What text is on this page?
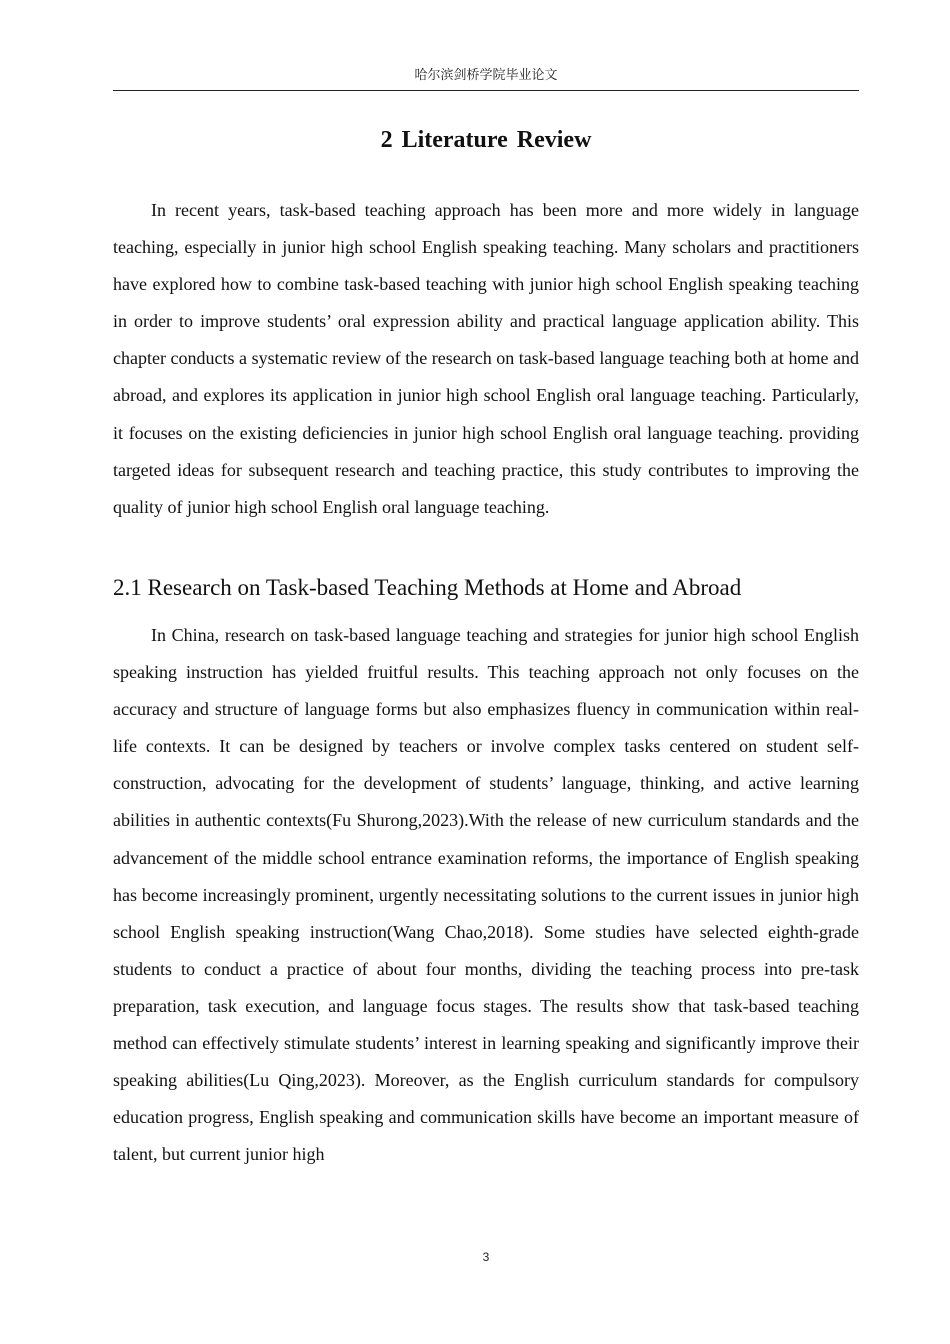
哈尔滨剑桥学院毕业论文
2 Literature Review

In recent years, task-based teaching approach has been more and more widely in language teaching, especially in junior high school English speaking teaching. Many scholars and practitioners have explored how to combine task-based teaching with junior high school English speaking teaching in order to improve students’ oral expression ability and practical language application ability. This chapter conducts a systematic review of the research on task-based language teaching both at home and abroad, and explores its application in junior high school English oral language teaching. Particularly, it focuses on the existing deficiencies in junior high school English oral language teaching. providing targeted ideas for subsequent research and teaching practice, this study contributes to improving the quality of junior high school English oral language teaching.

2.1 Research on Task-based Teaching Methods at Home and Abroad

In China, research on task-based language teaching and strategies for junior high school English speaking instruction has yielded fruitful results. This teaching approach not only focuses on the accuracy and structure of language forms but also emphasizes fluency in communication within real-life contexts. It can be designed by teachers or involve complex tasks centered on student self-construction, advocating for the development of students’ language, thinking, and active learning abilities in authentic contexts(Fu Shurong,2023).With the release of new curriculum standards and the advancement of the middle school entrance examination reforms, the importance of English speaking has become increasingly prominent, urgently necessitating solutions to the current issues in junior high school English speaking instruction(Wang Chao,2018). Some studies have selected eighth-grade students to conduct a practice of about four months, dividing the teaching process into pre-task preparation, task execution, and language focus stages. The results show that task-based teaching method can effectively stimulate students’ interest in learning speaking and significantly improve their speaking abilities(Lu Qing,2023). Moreover, as the English curriculum standards for compulsory education progress, English speaking and communication skills have become an important measure of talent, but current junior high

3
